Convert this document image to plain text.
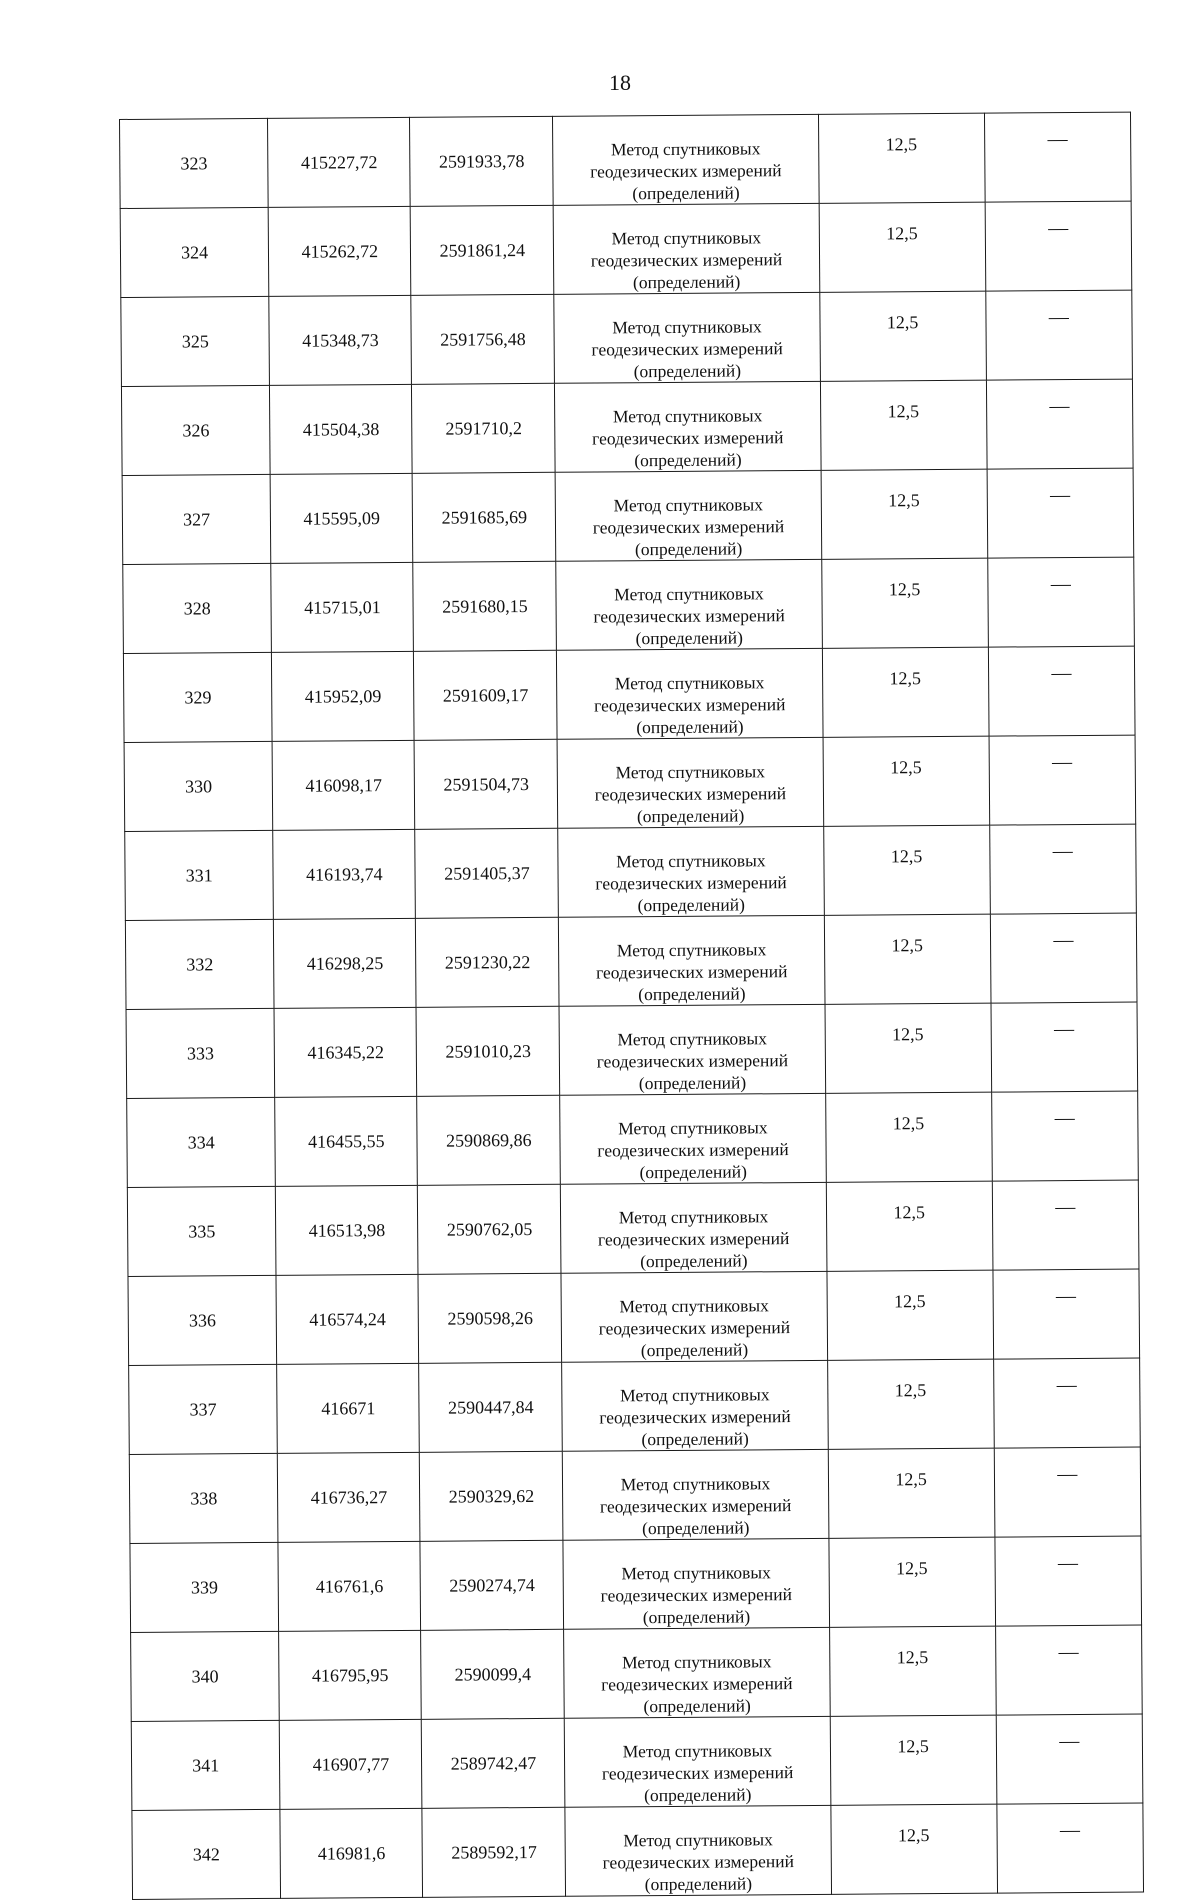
18
323	415227,72	2591933,78	Метод спутниковых
геодезических измерений
(определений)	12,5	—
324	415262,72	2591861,24	Метод спутниковых
геодезических измерений
(определений)	12,5	—
325	415348,73	2591756,48	Метод спутниковых
геодезических измерений
(определений)	12,5	—
326	415504,38	2591710,2	Метод спутниковых
геодезических измерений
(определений)	12,5	—
327	415595,09	2591685,69	Метод спутниковых
геодезических измерений
(определений)	12,5	—
328	415715,01	2591680,15	Метод спутниковых
геодезических измерений
(определений)	12,5	—
329	415952,09	2591609,17	Метод спутниковых
геодезических измерений
(определений)	12,5	—
330	416098,17	2591504,73	Метод спутниковых
геодезических измерений
(определений)	12,5	—
331	416193,74	2591405,37	Метод спутниковых
геодезических измерений
(определений)	12,5	—
332	416298,25	2591230,22	Метод спутниковых
геодезических измерений
(определений)	12,5	—
333	416345,22	2591010,23	Метод спутниковых
геодезических измерений
(определений)	12,5	—
334	416455,55	2590869,86	Метод спутниковых
геодезических измерений
(определений)	12,5	—
335	416513,98	2590762,05	Метод спутниковых
геодезических измерений
(определений)	12,5	—
336	416574,24	2590598,26	Метод спутниковых
геодезических измерений
(определений)	12,5	—
337	416671	2590447,84	Метод спутниковых
геодезических измерений
(определений)	12,5	—
338	416736,27	2590329,62	Метод спутниковых
геодезических измерений
(определений)	12,5	—
339	416761,6	2590274,74	Метод спутниковых
геодезических измерений
(определений)	12,5	—
340	416795,95	2590099,4	Метод спутниковых
геодезических измерений
(определений)	12,5	—
341	416907,77	2589742,47	Метод спутниковых
геодезических измерений
(определений)	12,5	—
342	416981,6	2589592,17	Метод спутниковых
геодезических измерений
(определений)	12,5	—
